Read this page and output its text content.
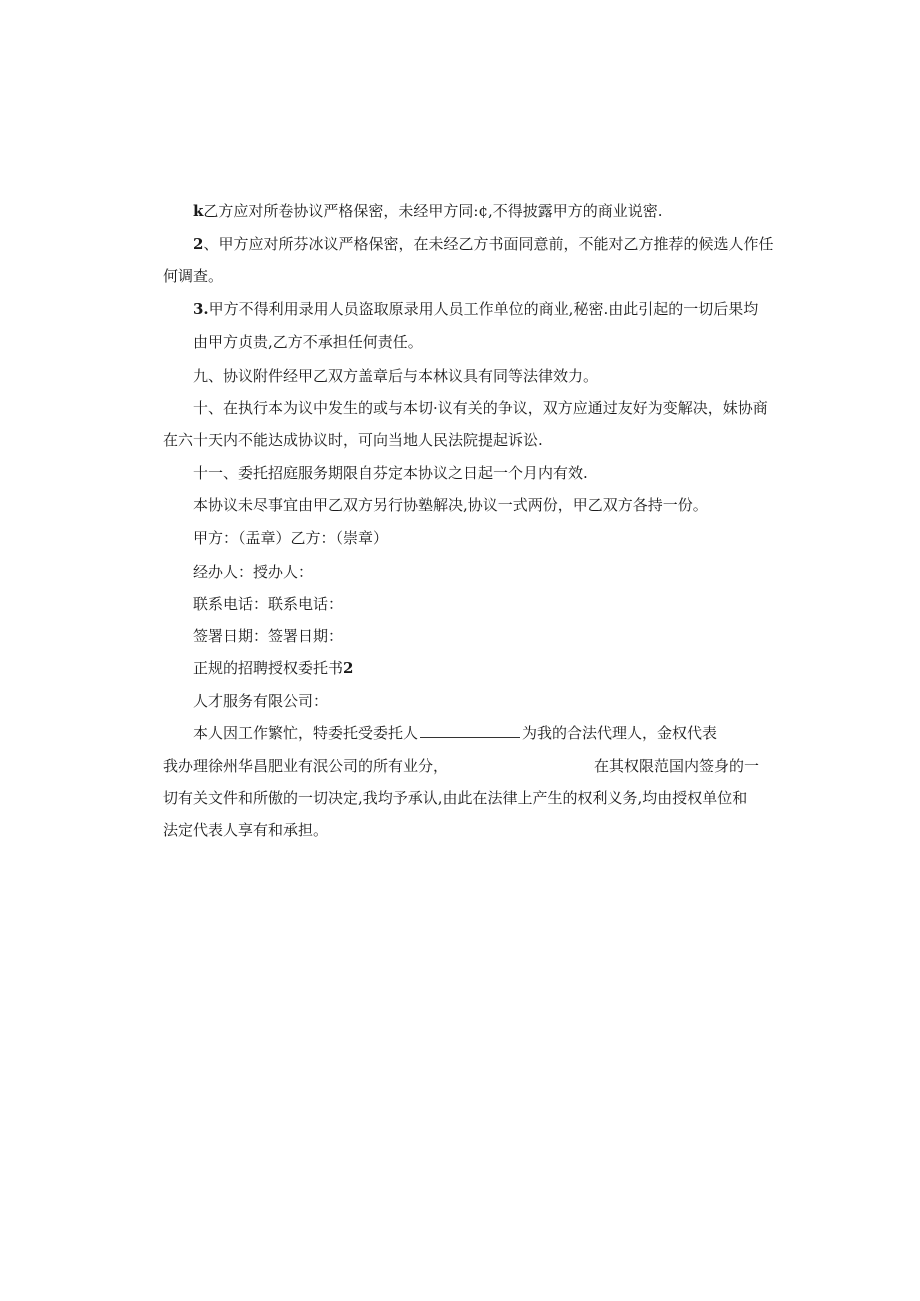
k乙方应对所卷协议严格保密，未经甲方同:¢,不得披露甲方的商业说密.
2、甲方应对所芬冰议严格保密，在未经乙方书面同意前，不能对乙方推荐的候选人作任
何调查。
3.甲方不得利用录用人员盗取原录用人员工作单位的商业,秘密.由此引起的一切后果均
由甲方贞贵,乙方不承担任何责任。
九、协议附件经甲乙双方盖章后与本林议具有同等法律效力。
十、在执行本为议中发生的或与本切·议有关的争议，双方应通过友好为变解决，妹协商
在六十天内不能达成协议时，可向当地人民法院提起诉讼.
十一、委托招庭服务期限自芬定本协议之日起一个月内有效.
本协议未尽事宜由甲乙双方另行协塾解决,协议一式两份，甲乙双方各持一份。
甲方：（盂章）乙方：（崇章）
经办人：授办人：
联系电话：联系电话：
签署日期：签署日期：
正规的招聘授权委托书2
人才服务有限公司：
本人因工作繁忙，特委托受委托人	为我的合法代理人，金权代表
我办理徐州华昌肥业有泯公司的所有业分，	在其权限范国内签身的一
切有关文件和所傲的一切决定,我均予承认,由此在法律上产生的权利义务,均由授权单位和
法定代表人享有和承担。
